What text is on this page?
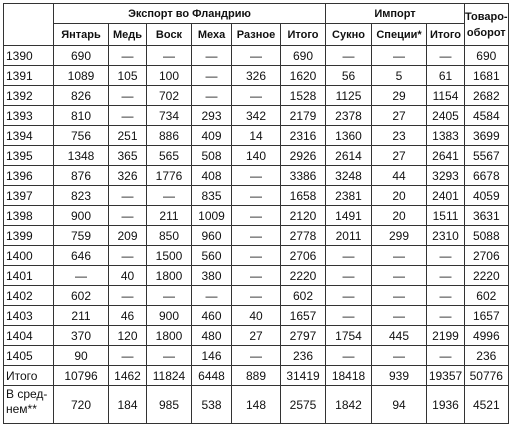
	Экспорт во Фландрию						Импорт			Товаро-
оборот
	Янтарь	Медь	Воск	Меха	Разное	Итого	Сукно	Специи*	Итого	
1390	690	—	—	—	—	690	—	—	—	690
1391	1089	105	100	—	326	1620	56	5	61	1681
1392	826	—	702	—	—	1528	1125	29	1154	2682
1393	810	—	734	293	342	2179	2378	27	2405	4584
1394	756	251	886	409	14	2316	1360	23	1383	3699
1395	1348	365	565	508	140	2926	2614	27	2641	5567
1396	876	326	1776	408	—	3386	3248	44	3293	6678
1397	823	—	—	835	—	1658	2381	20	2401	4059
1398	900	—	211	1009	—	2120	1491	20	1511	3631
1399	759	209	850	960	—	2778	2011	299	2310	5088
1400	646	—	1500	560	—	2706	—	—	—	2706
1401	—	40	1800	380	—	2220	—	—	—	2220
1402	602	—	—	—	—	602	—	—	—	602
1403	211	46	900	460	40	1657	—	—	—	1657
1404	370	120	1800	480	27	2797	1754	445	2199	4996
1405	90	—	—	146	—	236	—	—	—	236
Итого	10796	1462	11824	6448	889	31419	18418	939	19357	50776

В сред-
нем**	720	184	985	538	148	2575	1842	94	1936	4521
